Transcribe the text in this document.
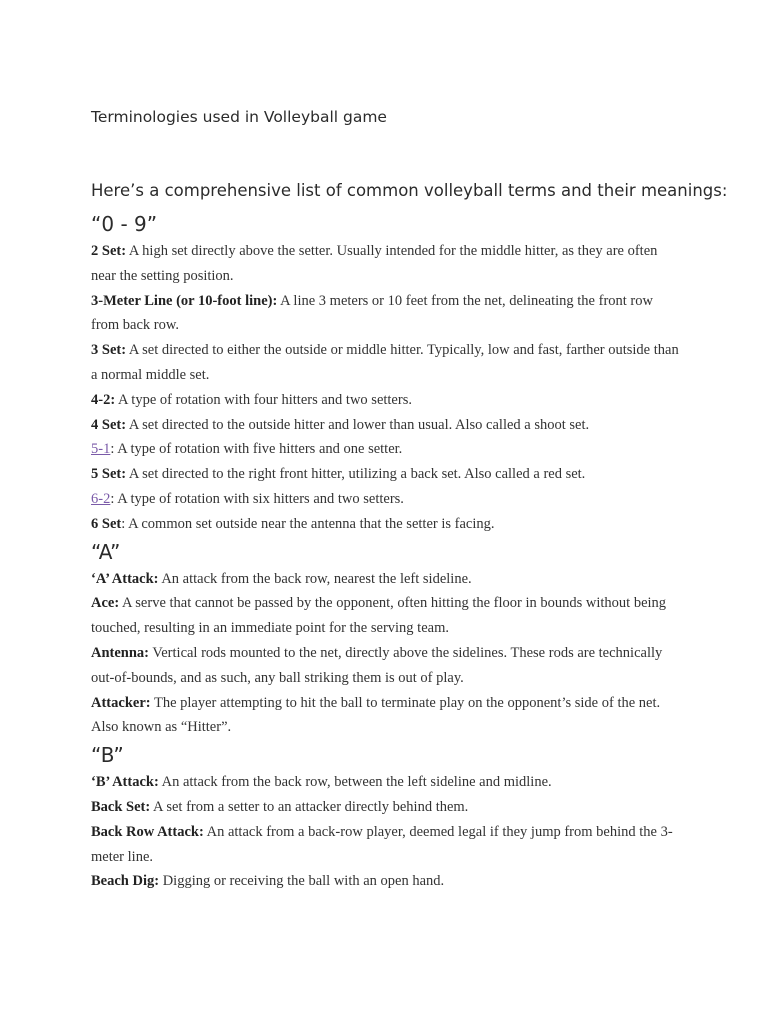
Terminologies used in Volleyball game
Here’s a comprehensive list of common volleyball terms and their meanings:
“0 - 9”
2 Set: A high set directly above the setter. Usually intended for the middle hitter, as they are often near the setting position.
3-Meter Line (or 10-foot line): A line 3 meters or 10 feet from the net, delineating the front row from back row.
3 Set: A set directed to either the outside or middle hitter. Typically, low and fast, farther outside than a normal middle set.
4-2: A type of rotation with four hitters and two setters.
4 Set: A set directed to the outside hitter and lower than usual. Also called a shoot set.
5-1: A type of rotation with five hitters and one setter.
5 Set: A set directed to the right front hitter, utilizing a back set. Also called a red set.
6-2: A type of rotation with six hitters and two setters.
6 Set: A common set outside near the antenna that the setter is facing.
“A”
‘A’ Attack: An attack from the back row, nearest the left sideline.
Ace: A serve that cannot be passed by the opponent, often hitting the floor in bounds without being touched, resulting in an immediate point for the serving team.
Antenna: Vertical rods mounted to the net, directly above the sidelines. These rods are technically out-of-bounds, and as such, any ball striking them is out of play.
Attacker: The player attempting to hit the ball to terminate play on the opponent’s side of the net. Also known as “Hitter”.
“B”
‘B’ Attack: An attack from the back row, between the left sideline and midline.
Back Set: A set from a setter to an attacker directly behind them.
Back Row Attack: An attack from a back-row player, deemed legal if they jump from behind the 3-meter line.
Beach Dig: Digging or receiving the ball with an open hand.
